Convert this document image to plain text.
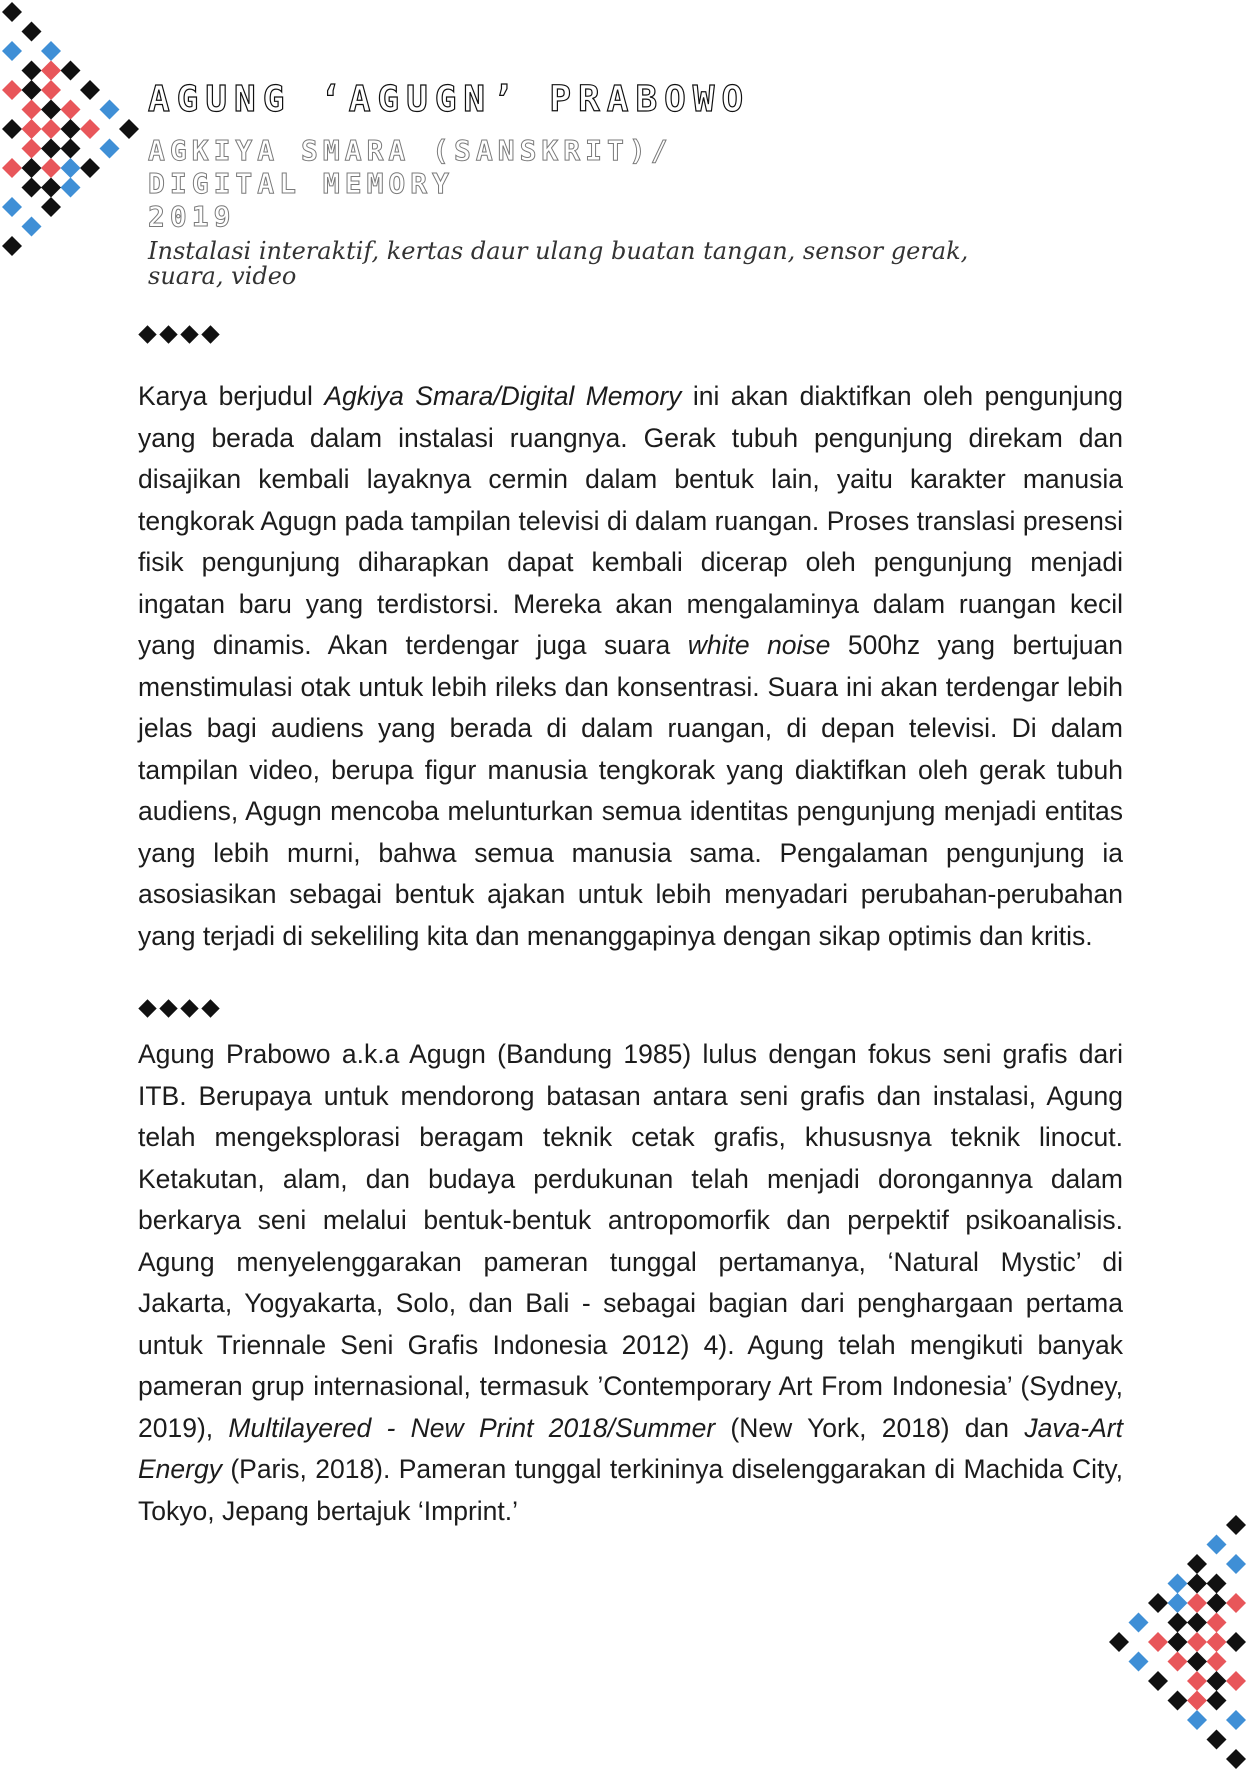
AGUNG ‘AGUGN’ PRABOWO

AGKIYA SMARA (SANSKRIT)/

DIGITAL MEMORY

2019

Instalasi interaktif, kertas daur ulang buatan tangan, sensor gerak, suara, video

Karya berjudul Agkiya Smara/Digital Memory ini akan diaktifkan oleh pengunjung yang berada dalam instalasi ruangnya. Gerak tubuh pengunjung direkam dan disajikan kembali layaknya cermin dalam bentuk lain, yaitu karakter manusia tengkorak Agugn pada tampilan televisi di dalam ruangan. Proses translasi presensi fisik pengunjung diharapkan dapat kembali dicerap oleh pengunjung menjadi ingatan baru yang terdistorsi. Mereka akan mengalaminya dalam ruangan kecil yang dinamis. Akan terdengar juga suara white noise 500hz yang bertujuan menstimulasi otak untuk lebih rileks dan konsentrasi. Suara ini akan terdengar lebih jelas bagi audiens yang berada di dalam ruangan, di depan televisi. Di dalam tampilan video, berupa figur manusia tengkorak yang diaktifkan oleh gerak tubuh audiens, Agugn mencoba melunturkan semua identitas pengunjung menjadi entitas yang lebih murni, bahwa semua manusia sama. Pengalaman pengunjung ia asosiasikan sebagai bentuk ajakan untuk lebih menyadari perubahan-perubahan yang terjadi di sekeliling kita dan menanggapinya dengan sikap optimis dan kritis.

Agung Prabowo a.k.a Agugn (Bandung 1985) lulus dengan fokus seni grafis dari ITB. Berupaya untuk mendorong batasan antara seni grafis dan instalasi, Agung telah mengeksplorasi beragam teknik cetak grafis, khususnya teknik linocut. Ketakutan, alam, dan budaya perdukunan telah menjadi dorongannya dalam berkarya seni melalui bentuk-bentuk antropomorfik dan perpektif psikoanalisis. Agung menyelenggarakan pameran tunggal pertamanya, ‘Natural Mystic’ di Jakarta, Yogyakarta, Solo, dan Bali - sebagai bagian dari penghargaan pertama untuk Triennale Seni Grafis Indonesia 2012) 4). Agung telah mengikuti banyak pameran grup internasional, termasuk ’Contemporary Art From Indonesia’ (Sydney, 2019), Multilayered - New Print 2018/Summer (New York, 2018) dan Java-Art Energy (Paris, 2018). Pameran tunggal terkininya diselenggarakan di Machida City, Tokyo, Jepang bertajuk ‘Imprint.’
